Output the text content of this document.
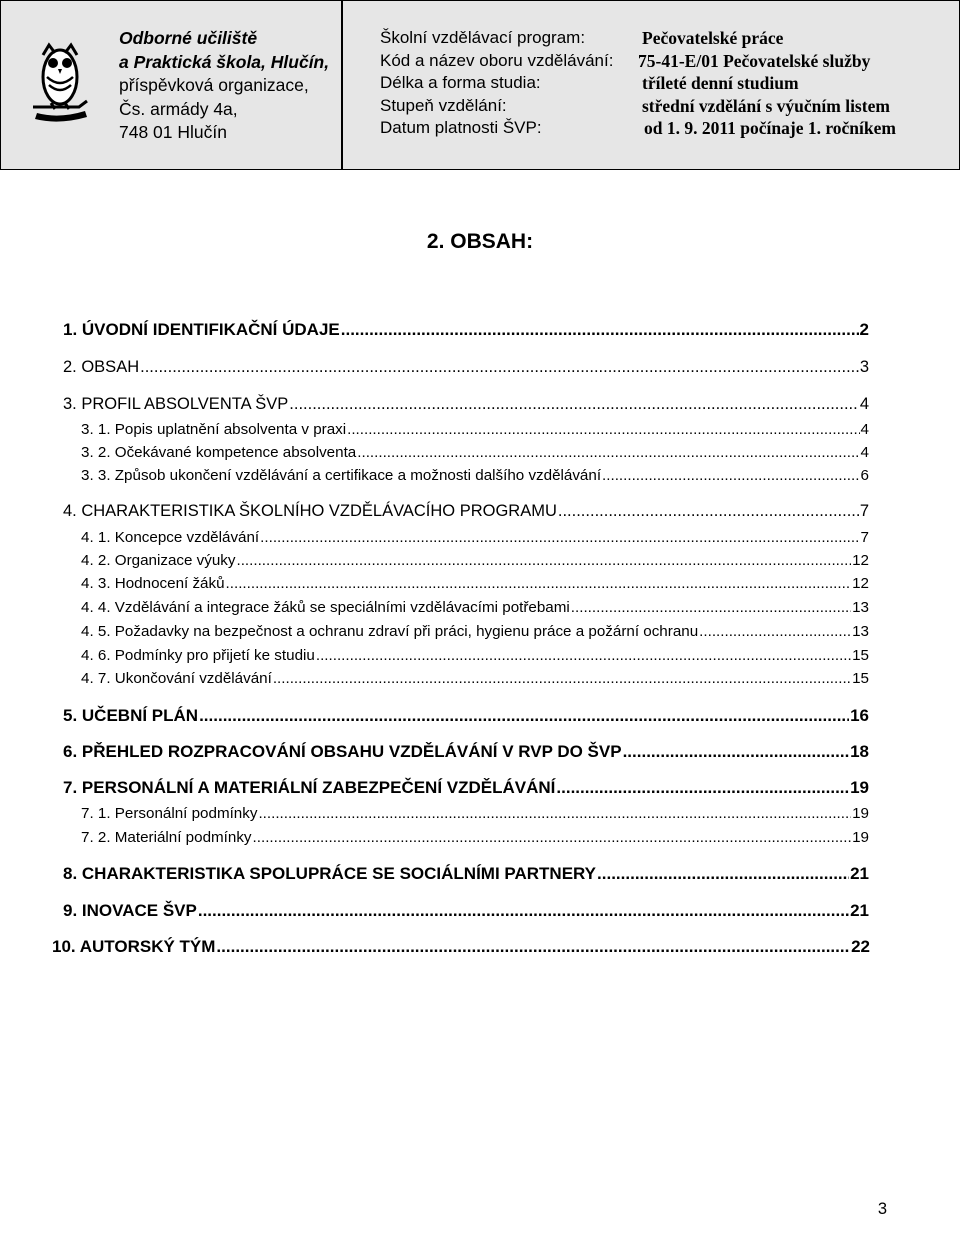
Odborné učiliště
a Praktická škola, Hlučín,
příspěvková organizace,
Čs. armády 4a,
748 01 Hlučín
Školní vzdělávací program:	Pečovatelské práce
Kód a název oboru vzdělávání: 75-41-E/01 Pečovatelské služby
Délka a forma studia:	tříleté denní studium
Stupeň vzdělání:	střední vzdělání s výučním listem
Datum platnosti ŠVP:	od 1. 9. 2011 počínaje 1. ročníkem
2. OBSAH:
1. ÚVODNÍ IDENTIFIKAČNÍ ÚDAJE .....	2
2. OBSAH .....	3
3. PROFIL ABSOLVENTA ŠVP .....	4
3. 1. Popis uplatnění absolventa v praxi .....	4
3. 2. Očekávané kompetence absolventa .....	4
3. 3. Způsob ukončení vzdělávání a certifikace a možnosti dalšího vzdělávání .....	6
4. CHARAKTERISTIKA ŠKOLNÍHO VZDĚLÁVACÍHO PROGRAMU .....	7
4. 1. Koncepce vzdělávání .....	7
4. 2. Organizace výuky .....	12
4. 3. Hodnocení žáků .....	12
4. 4. Vzdělávání a integrace žáků se speciálními vzdělávacími potřebami .....	13
4. 5. Požadavky na bezpečnost a ochranu zdraví při práci, hygienu práce a požární ochranu .....	13
4. 6. Podmínky pro přijetí ke studiu .....	15
4. 7. Ukončování vzdělávání .....	15
5. UČEBNÍ PLÁN .....	16
6. PŘEHLED ROZPRACOVÁNÍ OBSAHU VZDĚLÁVÁNÍ V RVP DO ŠVP .....	18
7. PERSONÁLNÍ A MATERIÁLNÍ ZABEZPEČENÍ VZDĚLÁVÁNÍ .....	19
7. 1. Personální podmínky .....	19
7. 2. Materiální podmínky .....	19
8. CHARAKTERISTIKA SPOLUPRÁCE SE SOCIÁLNÍMI PARTNERY .....	21
9. INOVACE ŠVP .....	21
10. AUTORSKÝ TÝM .....	22
3
